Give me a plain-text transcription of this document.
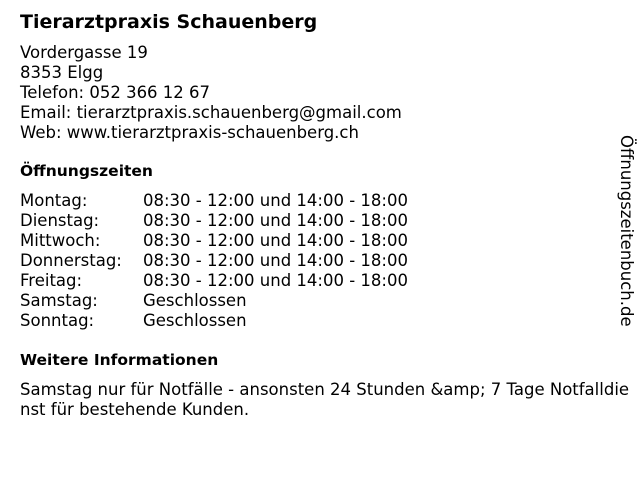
Tierarztpraxis Schauenberg
Vordergasse 19
8353 Elgg
Telefon: 052 366 12 67
Email: tierarztpraxis.schauenberg@gmail.com
Web: www.tierarztpraxis-schauenberg.ch
Öffnungszeiten
Montag:	08:30 - 12:00 und 14:00 - 18:00
Dienstag:	08:30 - 12:00 und 14:00 - 18:00
Mittwoch:	08:30 - 12:00 und 14:00 - 18:00
Donnerstag: 08:30 - 12:00 und 14:00 - 18:00
Freitag:	08:30 - 12:00 und 14:00 - 18:00
Samstag:	Geschlossen
Sonntag:	Geschlossen
Weitere Informationen
Samstag nur für Notfälle - ansonsten 24 Stunden &amp; 7 Tage Notfalldienst für bestehende Kunden.
Öffnungszeitenbuch.de
